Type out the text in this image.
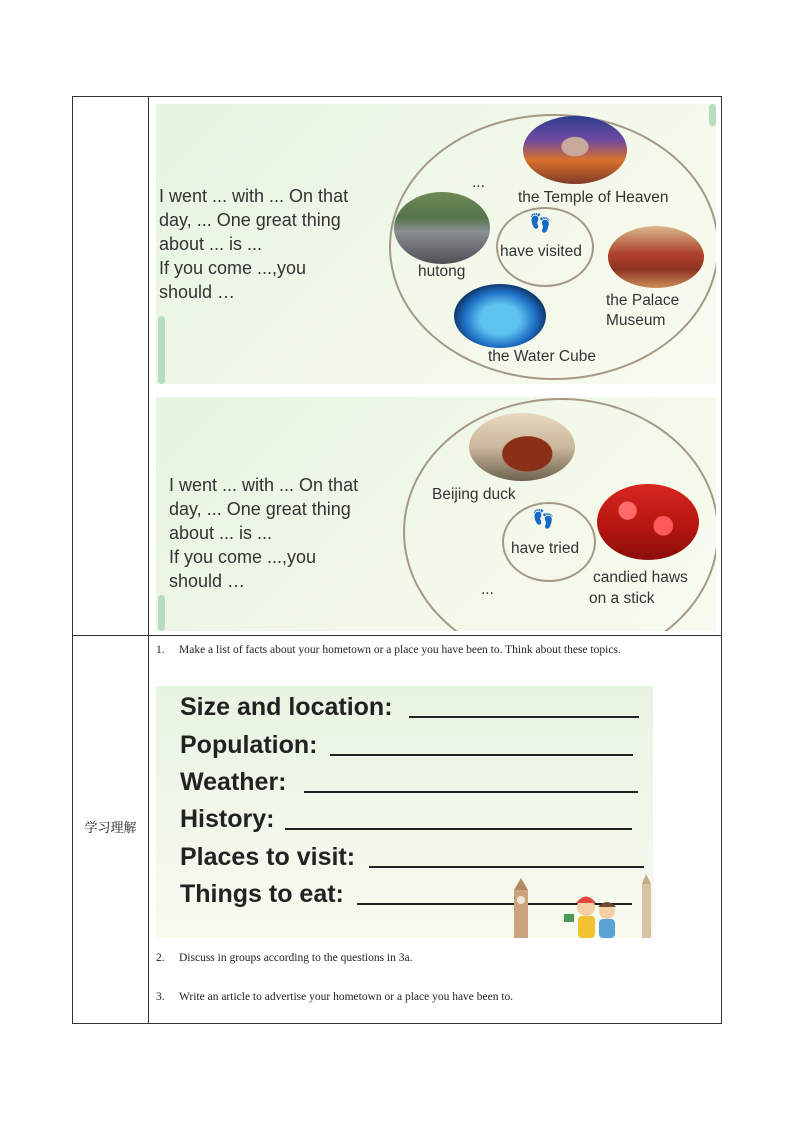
学习理解
I went ... with ... On that
day, ... One great thing
about ... is ...
If you come ...,you
should …
👣
have visited
the Temple of Heaven
...
hutong
the Palace
Museum
the Water Cube
I went ... with ... On that
day, ... One great thing
about ... is ...
If you come ...,you
should …
👣
have tried
Beijing duck
candied haws
on a stick
...
1. Make a list of facts about your hometown or a place you have been to. Think about these topics.
Size and location:
Population:
Weather:
History:
Places to visit:
Things to eat:
2. Discuss in groups according to the questions in 3a.
3. Write an article to advertise your hometown or a place you have been to.
